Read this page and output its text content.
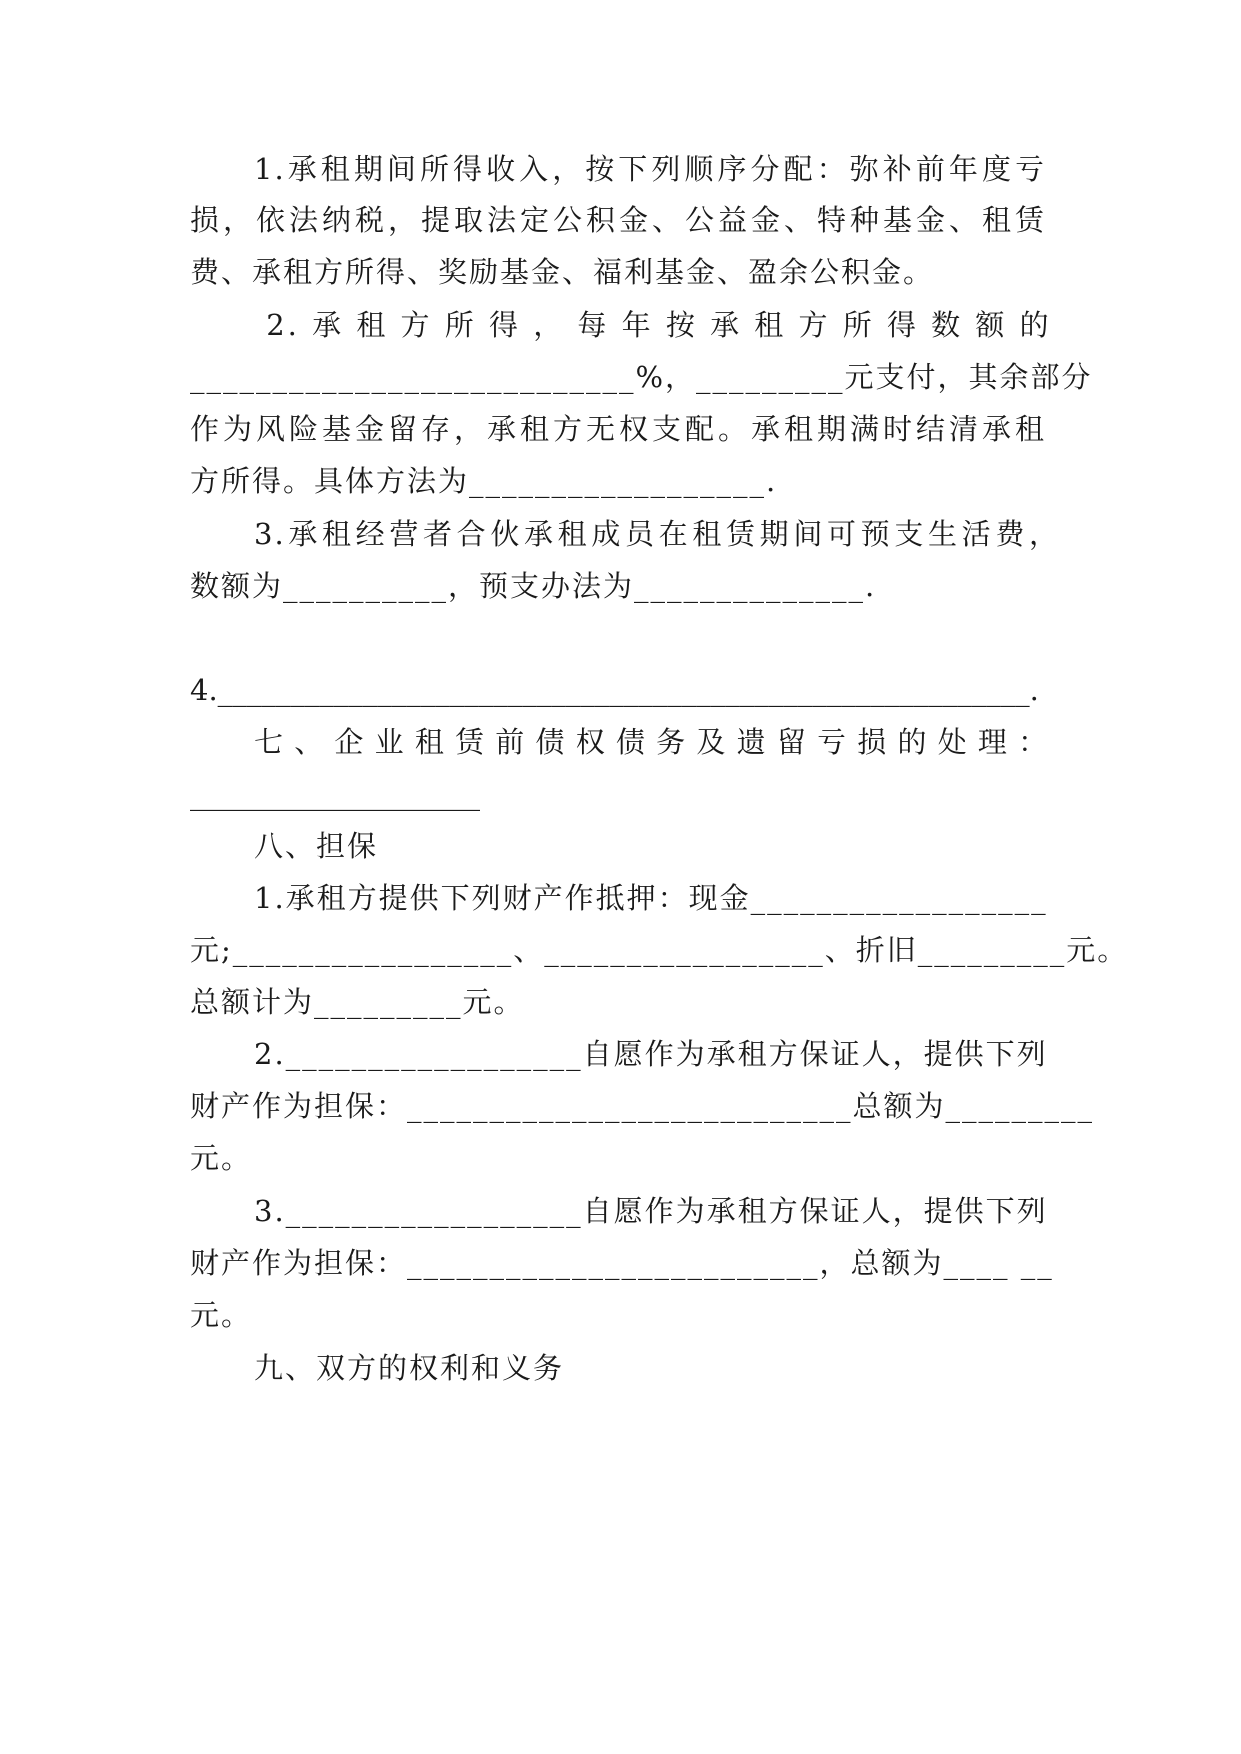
1.承租期间所得收入，按下列顺序分配：弥补前年度亏
损，依法纳税，提取法定公积金、公益金、特种基金、租赁
费、承租方所得、奖励基金、福利基金、盈余公积金。
2. 承 租 方 所 得 ， 每 年 按 承 租 方 所 得 数 额 的
___________________________%，_________元支付，其余部分
作为风险基金留存，承租方无权支配。承租期满时结清承租
方所得。具体方法为__________________.
3.承租经营者合伙承租成员在租赁期间可预支生活费，
数额为__________，预支办法为______________.
4.________________________________________________________.
七 、 企 业 租 赁 前 债 权 债 务 及 遗 留 亏 损 的 处 理 ：
____________________
八、担保
1.承租方提供下列财产作抵押：现金__________________
元;_________________、_________________、折旧_________元。
总额计为_________元。
2.__________________自愿作为承租方保证人，提供下列
财产作为担保：___________________________总额为_________
元。
3.__________________自愿作为承租方保证人，提供下列
财产作为担保：_________________________，总额为____ __
元。
九、双方的权利和义务
